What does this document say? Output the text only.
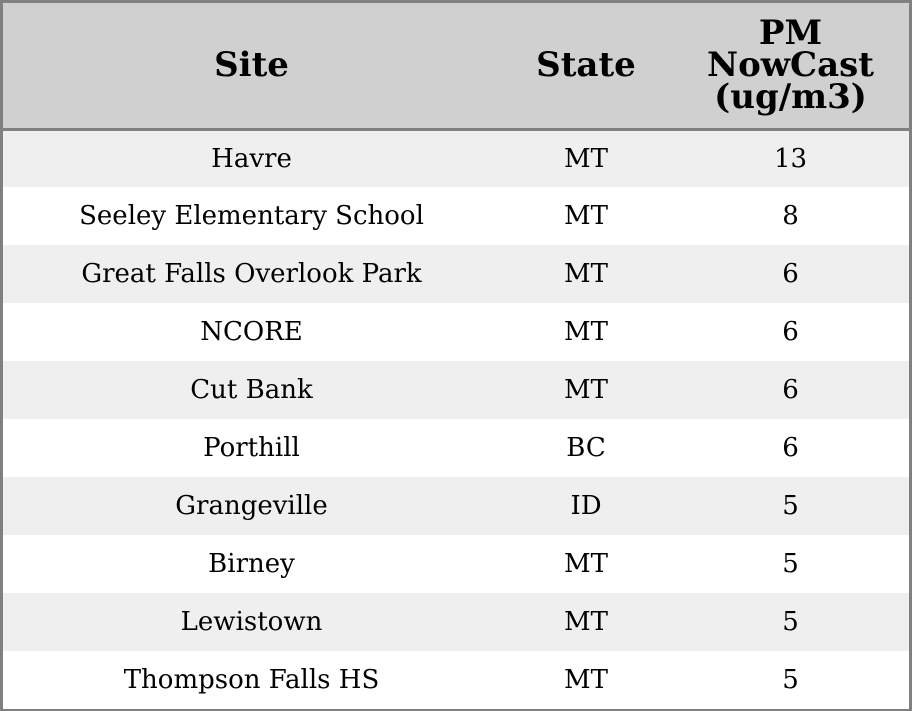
Site	State	PM
NowCast
(ug/m3)

Havre	MT	13
Seeley Elementary School	MT	8
Great Falls Overlook Park	MT	6
NCORE	MT	6
Cut Bank	MT	6
Porthill	BC	6
Grangeville	ID	5
Birney	MT	5
Lewistown	MT	5
Thompson Falls HS	MT	5
